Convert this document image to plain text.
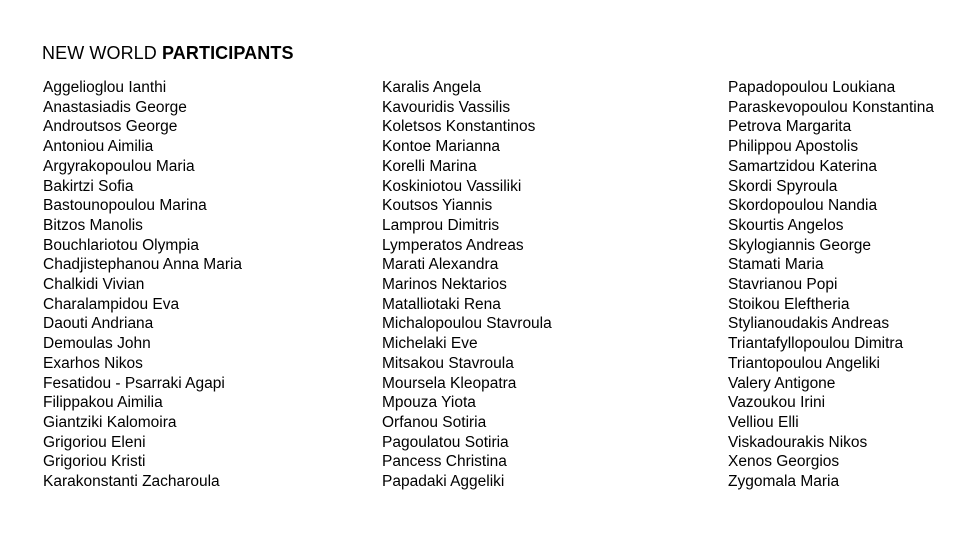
NEW WORLD PARTICIPANTS
Aggelioglou Ianthi
Anastasiadis George
Androutsos George
Antoniou Aimilia
Argyrakopoulou Maria
Bakirtzi Sofia
Bastounopoulou Marina
Bitzos Manolis
Bouchlariotou Olympia
Chadjistephanou Anna Maria
Chalkidi Vivian
Charalampidou Eva
Daouti Andriana
Demoulas John
Exarhos Nikos
Fesatidou - Psarraki Agapi
Filippakou Aimilia
Giantziki Kalomoira
Grigoriou Eleni
Grigoriou Kristi
Karakonstanti Zacharoula
Karalis Angela
Kavouridis Vassilis
Koletsos Konstantinos
Kontoe Marianna
Korelli Marina
Koskiniotou Vassiliki
Koutsos Yiannis
Lamprou Dimitris
Lymperatos Andreas
Marati Alexandra
Marinos Nektarios
Matalliotaki Rena
Michalopoulou Stavroula
Michelaki Eve
Mitsakou Stavroula
Moursela Kleopatra
Mpouza Yiota
Orfanou Sotiria
Pagoulatou Sotiria
Pancess Christina
Papadaki Aggeliki
Papadopoulou Loukiana
Paraskevopoulou Konstantina
Petrova Margarita
Philippou Apostolis
Samartzidou Katerina
Skordi Spyroula
Skordopoulou Nandia
Skourtis Angelos
Skylogiannis George
Stamati Maria
Stavrianou Popi
Stoikou Eleftheria
Stylianoudakis Andreas
Triantafyllopoulou Dimitra
Triantopoulou Angeliki
Valery Antigone
Vazoukou Irini
Velliou Elli
Viskadourakis Nikos
Xenos Georgios
Zygomala Maria
